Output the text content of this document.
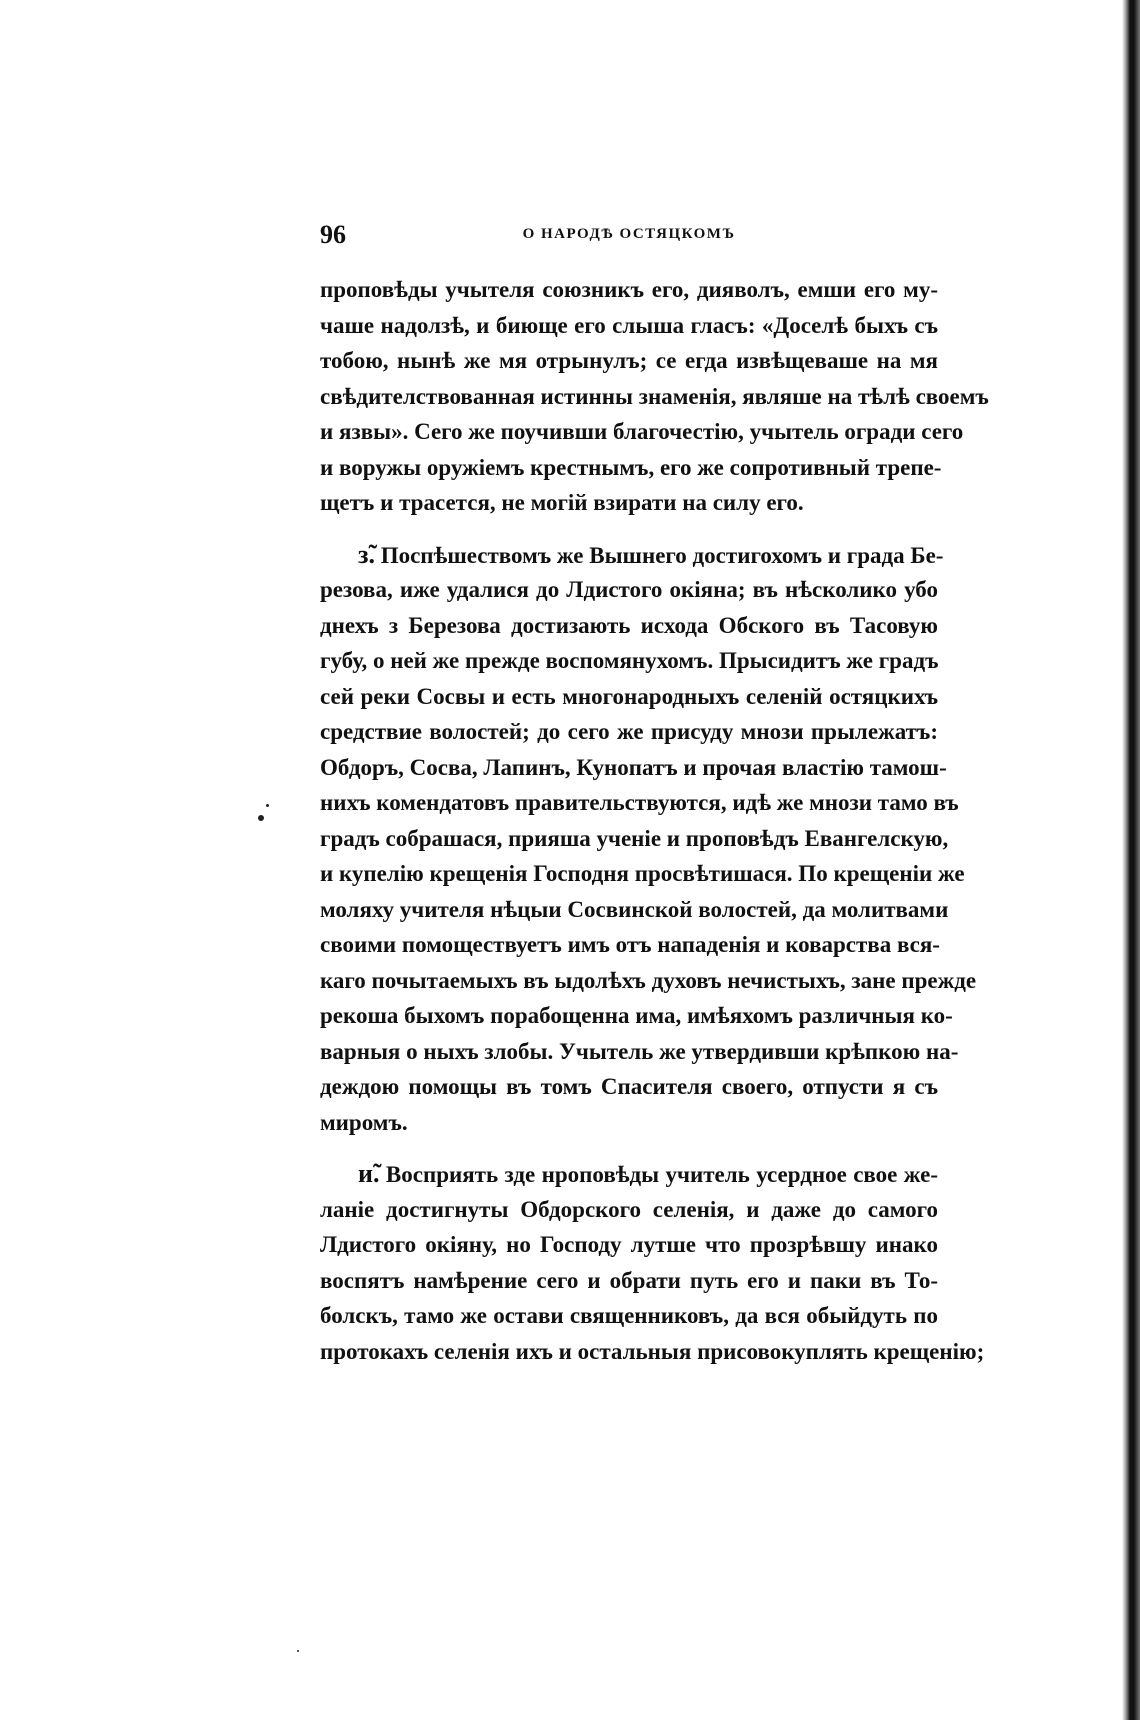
96	О НАРОДѢ ОСТЯЦКОМЪ
проповѣды учытеля союзникъ его, дияволъ, емши его му-
чаше надолзѣ, и биюще его слыша гласъ: «Доселѣ быхъ съ
тобою, нынѣ же мя отрынулъ; се егда извѣщеваше на мя
свѣдителствованная истинны знаменія, являше на тѣлѣ своемъ
и язвы». Сего же поучивши благочестію, учытель огради сего
и воружы оружіемъ крестнымъ, его же сопротивный трепе-
щетъ и трасется, не могій взирати на силу его.
з̃. Поспѣшествомъ же Вышнего достигохомъ и града Бе-
резова, иже удалися до Лдистого окіяна; въ нѣсколико убо
днехъ з Березова достизають исхода Обского въ Тасовую
губу, о ней же прежде воспомянухомъ. Прысидитъ же градъ
сей реки Сосвы и есть многонародныхъ селеній остяцкихъ
средствие волостей; до сего же присуду мнози прылежатъ:
Обдоръ, Сосва, Лапинъ, Кунопатъ и прочая властію тамош-
нихъ комендатовъ правительствуются, идѣ же мнози тамо въ
градъ собрашася, прияша ученіе и проповѣдъ Евангелскую,
и купелію крещенія Господня просвѣтишася. По крещеніи же
моляху учителя нѣцыи Сосвинской волостей, да молитвами
своими помоществуетъ имъ отъ нападенія и коварства вся-
каго почытаемыхъ въ ыдолѣхъ духовъ нечистыхъ, зане прежде
рекоша быхомъ порабощенна има, имѣяхомъ различныя ко-
варныя о ныхъ злобы. Учытель же утвердивши крѣпкою на-
деждою помощы въ томъ Спасителя своего, отпусти я съ
миромъ.
и̃. Восприять зде нроповѣды учитель усердное свое же-
ланіе достигнуты Обдорского селенія, и даже до самого
Лдистого окіяну, но Господу лутше что прозрѣвшу инако
воспятъ намѣрение сего и обрати путь его и паки въ То-
болскъ, тамо же остави священниковъ, да вся обыйдуть по
протокахъ селенія ихъ и остальныя присовокуплять крещенію;
